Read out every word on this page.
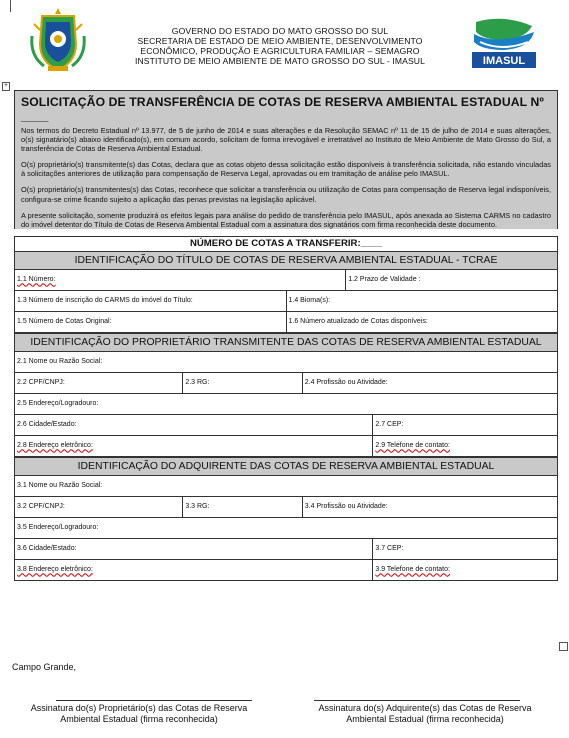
GOVERNO DO ESTADO DO MATO GROSSO DO SUL
SECRETARIA DE ESTADO DE MEIO AMBIENTE, DESENVOLVIMENTO
ECONÔMICO, PRODUÇÃO E AGRICULTURA FAMILIAR – SEMAGRO
INSTITUTO DE MEIO AMBIENTE DE MATO GROSSO DO SUL - IMASUL	IMASUL
+
SOLICITAÇÃO DE TRANSFERÊNCIA DE COTAS DE RESERVA AMBIENTAL ESTADUAL Nº ____

Nos termos do Decreto Estadual nº 13.977, de 5 de junho de 2014 e suas alterações e da Resolução SEMAC nº 11 de 15 de julho de 2014 e suas alterações, o(s) signatário(s) abaixo identificado(s), em comum acordo, solicitam de forma irrevogável e irretratável ao Instituto de Meio Ambiente de Mato Grosso do Sul, a transferência de Cotas de Reserva Ambiental Estadual.

O(s) proprietário(s) transmitente(s) das Cotas, declara que as cotas objeto dessa solicitação estão disponíveis à transferência solicitada, não estando vinculadas à solicitações anteriores de utilização para compensação de Reserva Legal, aprovadas ou em tramitação de análise pelo IMASUL.

O(s) proprietário(s) transmitentes(s) das Cotas, reconhece que solicitar a transferência ou utilização de Cotas para compensação de Reserva legal indisponíveis, configura-se crime ficando sujeito a aplicação das penas previstas na legislação aplicável.

A presente solicitação, somente produzirá os efeitos legais para análise do pedido de transferência pelo IMASUL, após anexada ao Sistema CARMS no cadastro do imóvel detentor do Título de Cotas de Reserva Ambiental Estadual com a assinatura dos signatários com firma reconhecida deste documento.

NÚMERO DE COTAS A TRANSFERIR:____
IDENTIFICAÇÃO DO TÍTULO DE COTAS DE RESERVA AMBIENTAL ESTADUAL - TCRAE
1.1 Número:		1.2 Prazo de Validade :
1.3 Número de inscrição do CARMS do imóvel do Título:	1.4 Bioma(s):	
1.5 Número de Cotas Original:	1.6 Número atualizado de Cotas disponíveis:	
IDENTIFICAÇÃO DO PROPRIETÁRIO TRANSMITENTE DAS COTAS DE RESERVA AMBIENTAL ESTADUAL
2.1 Nome ou Razão Social:			
2.2 CPF/CNPJ:	2.3 RG:	2.4 Profissão ou Atividade:	
2.5 Endereço/Logradouro:			
2.6 Cidade/Estado:			2.7 CEP:
2.8 Endereço eletrônico:			2.9 Telefone de contato:
IDENTIFICAÇÃO DO ADQUIRENTE DAS COTAS DE RESERVA AMBIENTAL ESTADUAL
3.1 Nome ou Razão Social:			
3.2 CPF/CNPJ:	3.3 RG:	3.4 Profissão ou Atividade:	
3.5 Endereço/Logradouro:			
3.6 Cidade/Estado:			3.7 CEP:
3.8 Endereço eletrônico:			3.9 Telefone de contato:
Campo Grande,
Assinatura do(s) Proprietário(s) das Cotas de Reserva
Ambiental Estadual (firma reconhecida)
Assinatura do(s) Adquirente(s) das Cotas de Reserva
Ambiental Estadual (firma reconhecida)
